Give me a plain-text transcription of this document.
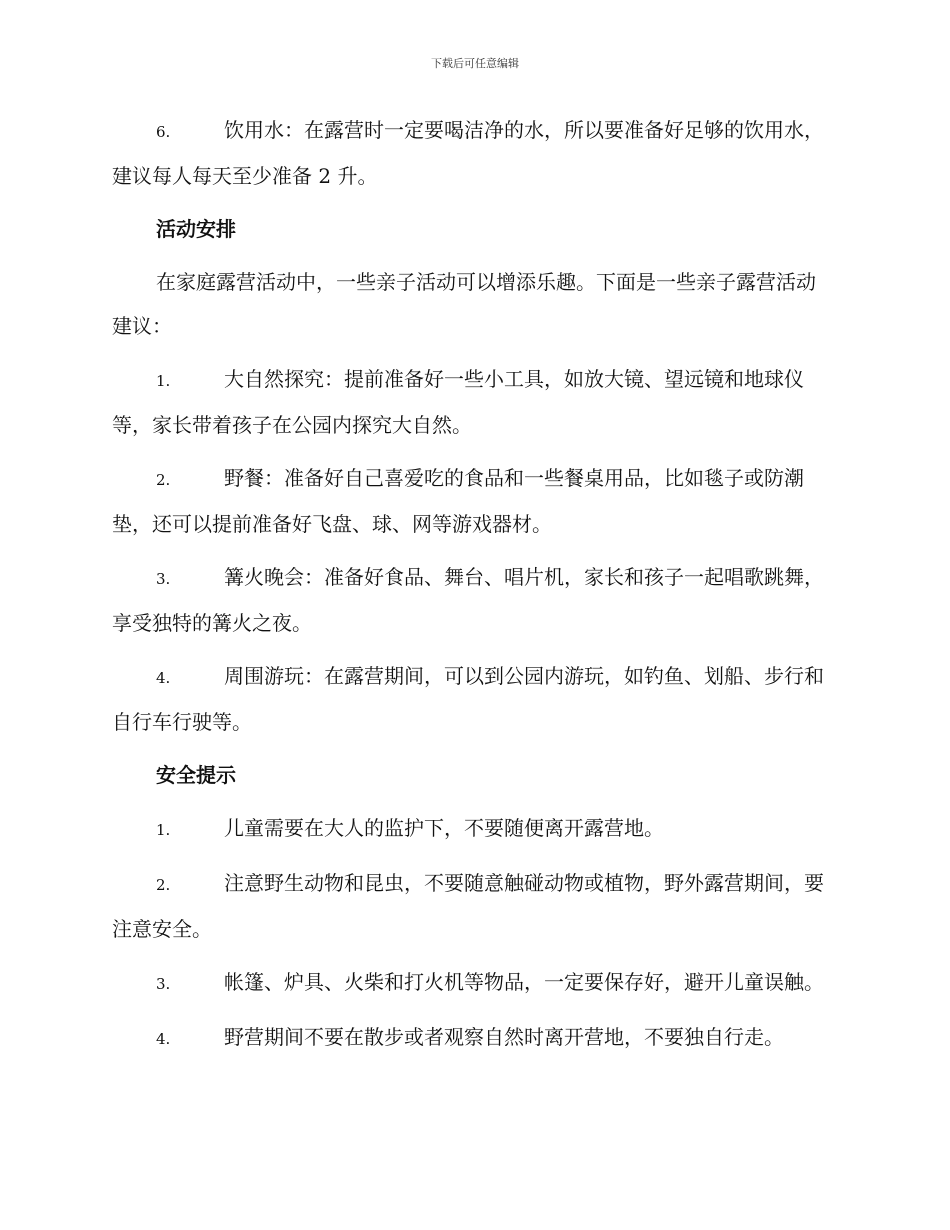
下载后可任意编辑
6.	饮用水：在露营时一定要喝洁净的水，所以要准备好足够的饮用水，建议每人每天至少准备 2 升。
活动安排
在家庭露营活动中，一些亲子活动可以增添乐趣。下面是一些亲子露营活动建议：
1.	大自然探究：提前准备好一些小工具，如放大镜、望远镜和地球仪等，家长带着孩子在公园内探究大自然。
2.	野餐：准备好自己喜爱吃的食品和一些餐桌用品，比如毯子或防潮垫，还可以提前准备好飞盘、球、网等游戏器材。
3.	篝火晚会：准备好食品、舞台、唱片机，家长和孩子一起唱歌跳舞，享受独特的篝火之夜。
4.	周围游玩：在露营期间，可以到公园内游玩，如钓鱼、划船、步行和自行车行驶等。
安全提示
1.	儿童需要在大人的监护下，不要随便离开露营地。
2.	注意野生动物和昆虫，不要随意触碰动物或植物，野外露营期间，要注意安全。
3.	帐篷、炉具、火柴和打火机等物品，一定要保存好，避开儿童误触。
4.	野营期间不要在散步或者观察自然时离开营地，不要独自行走。
